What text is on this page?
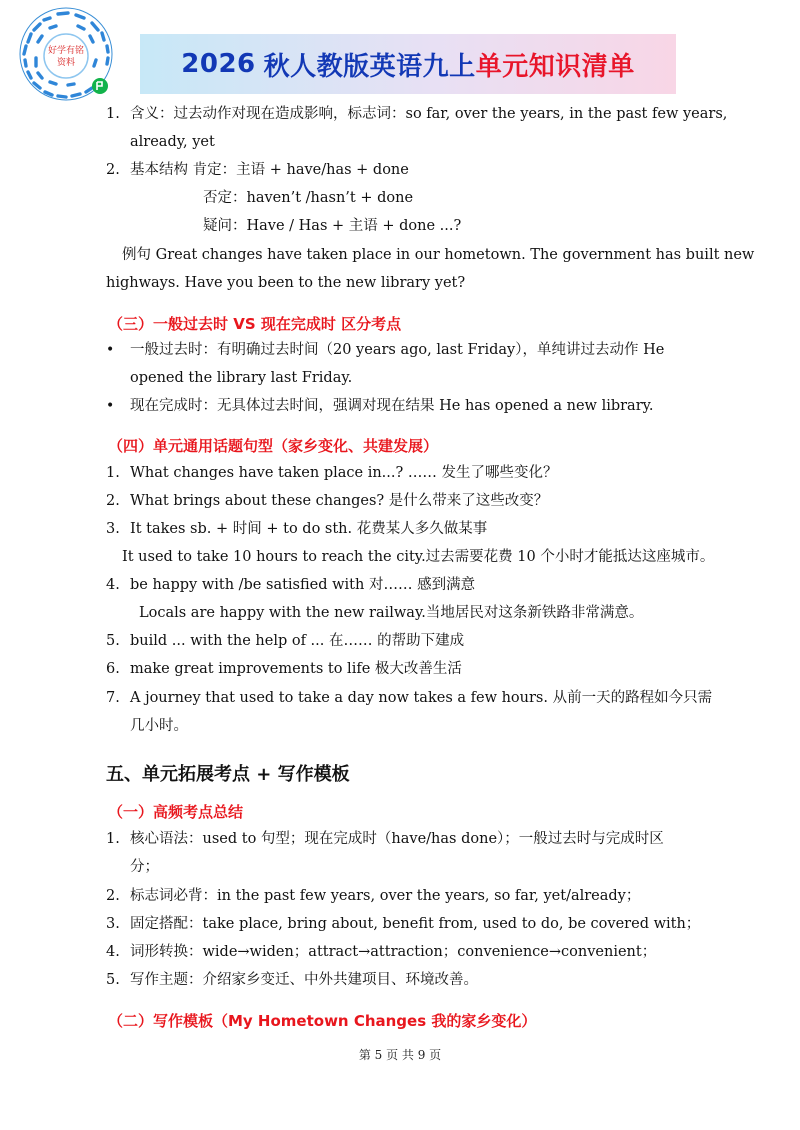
好学有铭
资料	2026 秋人教版 英语九上 单元知识清单
1. 含义：过去动作对现在造成影响，标志词：so far, over the years, in the past few years,
already, yet
2. 基本结构 肯定：主语 + have/has + done
否定：haven’t /hasn’t + done
疑问：Have / Has + 主语 + done ...?
例句 Great changes have taken place in our hometown. The government has built new
highways. Have you been to the new library yet?
（三）一般过去时 VS 现在完成时 区分考点
• 一般过去时：有明确过去时间（20 years ago, last Friday），单纯讲过去动作 He
opened the library last Friday.
• 现在完成时：无具体过去时间，强调对现在结果 He has opened a new library.
（四）单元通用话题句型（家乡变化、共建发展）
1. What changes have taken place in...? …… 发生了哪些变化？
2. What brings about these changes? 是什么带来了这些改变？
3. It takes sb. + 时间 + to do sth. 花费某人多久做某事
It used to take 10 hours to reach the city.过去需要花费 10 个小时才能抵达这座城市。
4. be happy with /be satisfied with 对…… 感到满意
Locals are happy with the new railway.当地居民对这条新铁路非常满意。
5. build ... with the help of ... 在…… 的帮助下建成
6. make great improvements to life 极大改善生活
7. A journey that used to take a day now takes a few hours. 从前一天的路程如今只需
几小时。
五、单元拓展考点 + 写作模板
（一）高频考点总结
1. 核心语法：used to 句型；现在完成时（have/has done）；一般过去时与完成时区
分；
2. 标志词必背：in the past few years, over the years, so far, yet/already；
3. 固定搭配：take place, bring about, benefit from, used to do, be covered with；
4. 词形转换：wide→widen；attract→attraction；convenience→convenient；
5. 写作主题：介绍家乡变迁、中外共建项目、环境改善。
（二）写作模板（My Hometown Changes 我的家乡变化）
第 5 页 共 9 页
